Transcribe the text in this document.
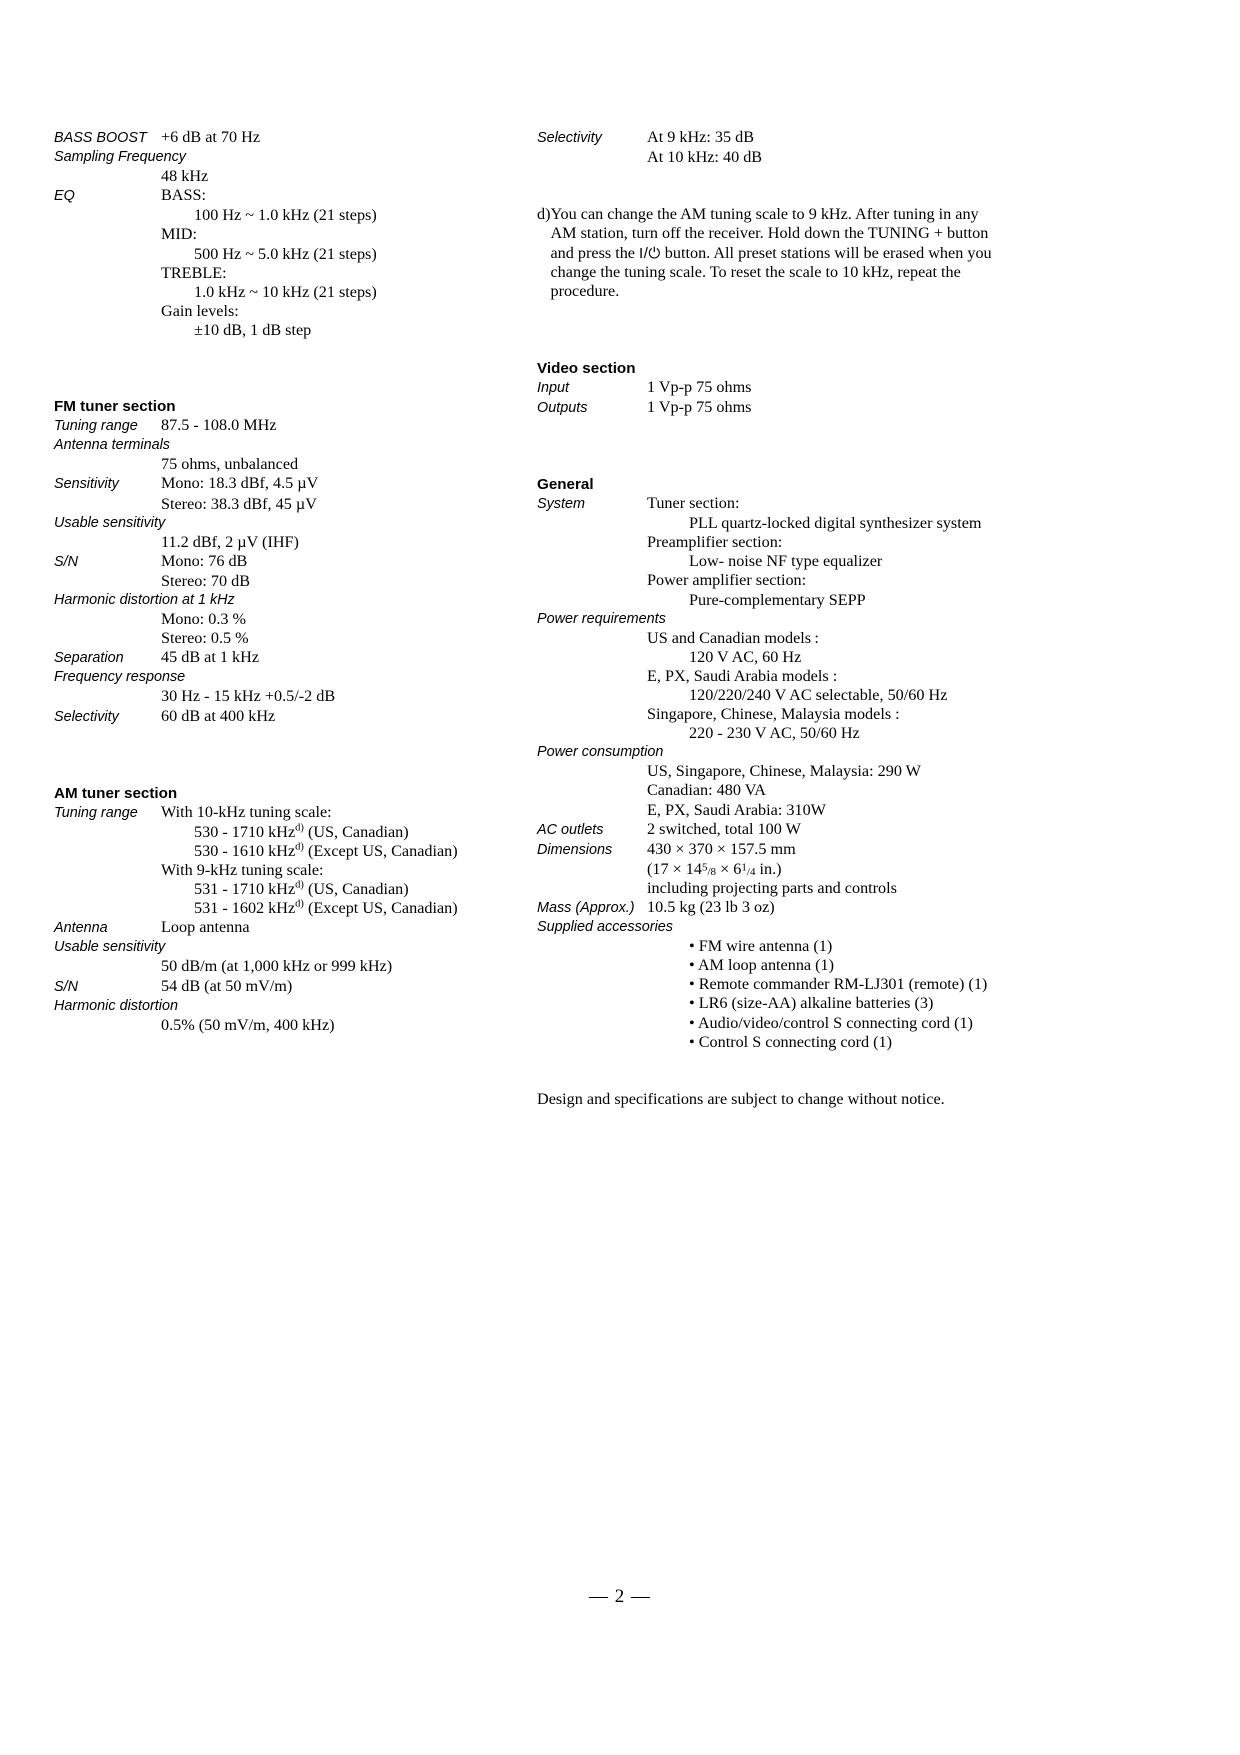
BASS BOOST +6 dB at 70 Hz
Sampling Frequency
48 kHz
EQ	BASS:
100 Hz ~ 1.0 kHz (21 steps)
MID:
500 Hz ~ 5.0 kHz (21 steps)
TREBLE:
1.0 kHz ~ 10 kHz (21 steps)
Gain levels:
±10 dB, 1 dB step
FM tuner section
Tuning range	87.5 - 108.0 MHz
Antenna terminals
75 ohms, unbalanced
Sensitivity	Mono: 18.3 dBf, 4.5 µV
Stereo: 38.3 dBf, 45 µV
Usable sensitivity
11.2 dBf, 2 µV (IHF)
S/N	Mono: 76 dB
Stereo: 70 dB
Harmonic distortion at 1 kHz
Mono: 0.3 %
Stereo: 0.5 %
Separation	45 dB at 1 kHz
Frequency response
30 Hz - 15 kHz +0.5/-2 dB
Selectivity	60 dB at 400 kHz
AM tuner section
Tuning range	With 10-kHz tuning scale:
530 - 1710 kHz$^{d)}$ (US, Canadian)
530 - 1610 kHz$^{d)}$ (Except US, Canadian)
With 9-kHz tuning scale:
531 - 1710 kHz$^{d)}$ (US, Canadian)
531 - 1602 kHz$^{d)}$ (Except US, Canadian)
Antenna	Loop antenna
Usable sensitivity
50 dB/m (at 1,000 kHz or 999 kHz)
S/N	54 dB (at 50 mV/m)
Harmonic distortion
0.5% (50 mV/m, 400 kHz)
Selectivity	At 9 kHz: 35 dB
At 10 kHz: 40 dB
d) You can change the AM tuning scale to 9 kHz. After tuning in any AM station, turn off the receiver. Hold down the TUNING + button and press the I/⏻ button. All preset stations will be erased when you change the tuning scale. To reset the scale to 10 kHz, repeat the procedure.
Video section
Input	1 Vp-p 75 ohms
Outputs	1 Vp-p 75 ohms
General
System	Tuner section:
PLL quartz-locked digital synthesizer system
Preamplifier section:
Low- noise NF type equalizer
Power amplifier section:
Pure-complementary SEPP
Power requirements
US and Canadian models :
120 V AC, 60 Hz
E, PX, Saudi Arabia models :
120/220/240 V AC selectable, 50/60 Hz
Singapore, Chinese, Malaysia models :
220 - 230 V AC, 50/60 Hz
Power consumption
US, Singapore, Chinese, Malaysia: 290 W
Canadian: 480 VA
E, PX, Saudi Arabia: 310W
AC outlets	2 switched, total 100 W
Dimensions	430 × 370 × 157.5 mm
($17 \times 14^5/8 \times 6^1/4$ in.)
including projecting parts and controls
Mass (Approx.) 10.5 kg (23 lb 3 oz)
Supplied accessories
• FM wire antenna (1)
• AM loop antenna (1)
• Remote commander RM-LJ301 (remote) (1)
• LR6 (size-AA) alkaline batteries (3)
• Audio/video/control S connecting cord (1)
• Control S connecting cord (1)
Design and specifications are subject to change without notice.
— 2 —
